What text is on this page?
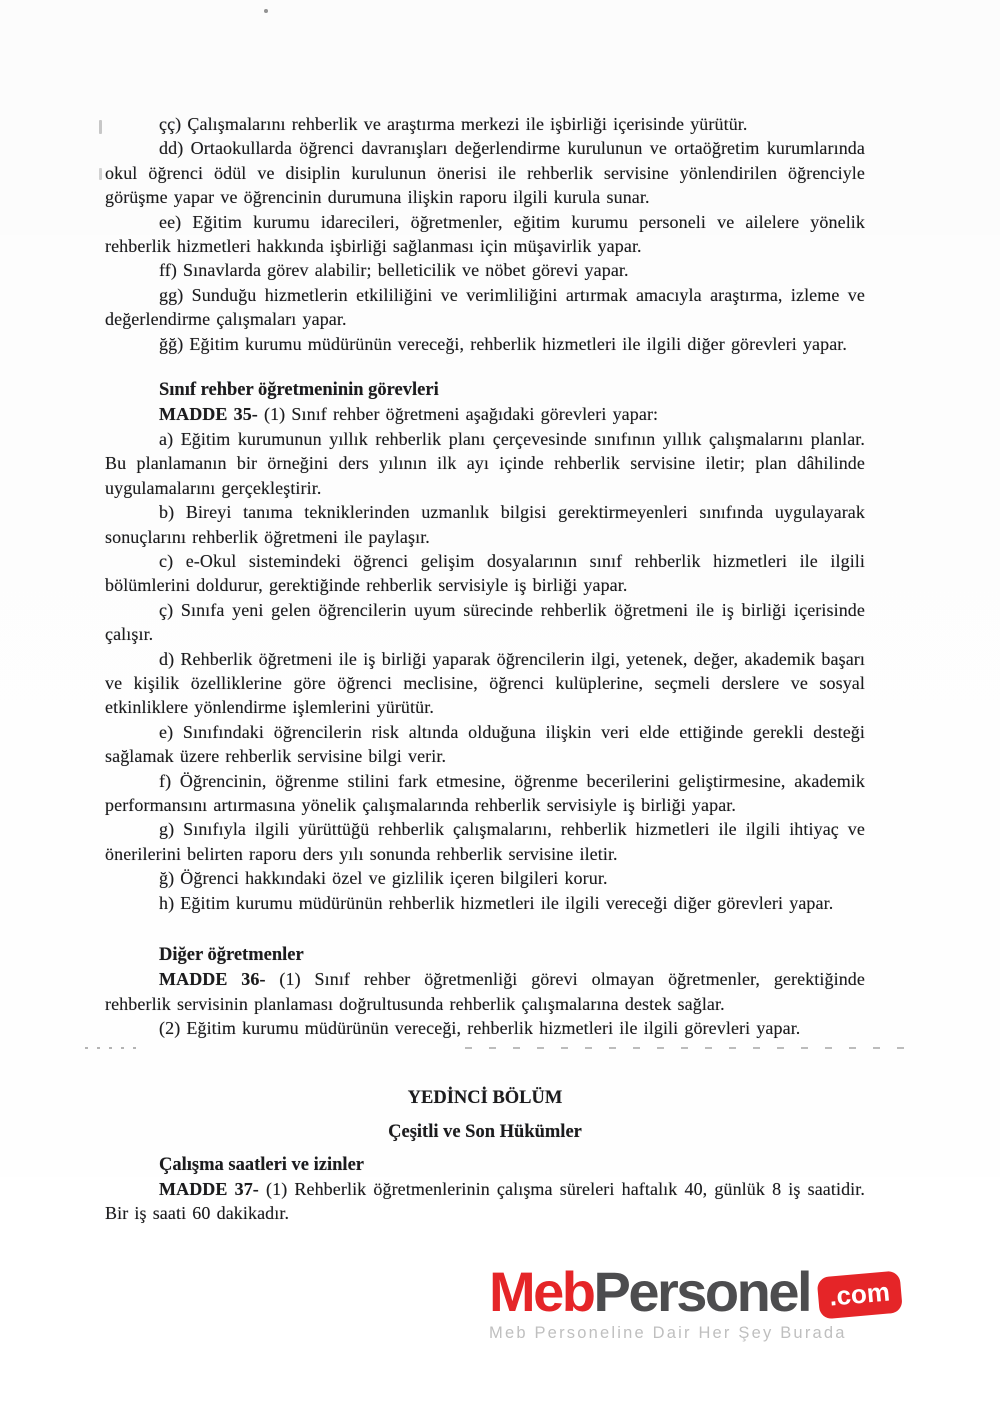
çç) Çalışmalarını rehberlik ve araştırma merkezi ile işbirliği içerisinde yürütür.

dd) Ortaokullarda öğrenci davranışları değerlendirme kurulunun ve ortaöğretim kurumlarında okul öğrenci ödül ve disiplin kurulunun önerisi ile rehberlik servisine yönlendirilen öğrenciyle görüşme yapar ve öğrencinin durumuna ilişkin raporu ilgili kurula sunar.

ee) Eğitim kurumu idarecileri, öğretmenler, eğitim kurumu personeli ve ailelere yönelik rehberlik hizmetleri hakkında işbirliği sağlanması için müşavirlik yapar.

ff) Sınavlarda görev alabilir; belleticilik ve nöbet görevi yapar.

gg) Sunduğu hizmetlerin etkililiğini ve verimliliğini artırmak amacıyla araştırma, izleme ve değerlendirme çalışmaları yapar.

ğğ) Eğitim kurumu müdürünün vereceği, rehberlik hizmetleri ile ilgili diğer görevleri yapar.

Sınıf rehber öğretmeninin görevleri

MADDE 35- (1) Sınıf rehber öğretmeni aşağıdaki görevleri yapar:

a) Eğitim kurumunun yıllık rehberlik planı çerçevesinde sınıfının yıllık çalışmalarını planlar. Bu planlamanın bir örneğini ders yılının ilk ayı içinde rehberlik servisine iletir; plan dâhilinde uygulamalarını gerçekleştirir.

b) Bireyi tanıma tekniklerinden uzmanlık bilgisi gerektirmeyenleri sınıfında uygulayarak sonuçlarını rehberlik öğretmeni ile paylaşır.

c) e-Okul sistemindeki öğrenci gelişim dosyalarının sınıf rehberlik hizmetleri ile ilgili bölümlerini doldurur, gerektiğinde rehberlik servisiyle iş birliği yapar.

ç) Sınıfa yeni gelen öğrencilerin uyum sürecinde rehberlik öğretmeni ile iş birliği içerisinde çalışır.

d) Rehberlik öğretmeni ile iş birliği yaparak öğrencilerin ilgi, yetenek, değer, akademik başarı ve kişilik özelliklerine göre öğrenci meclisine, öğrenci kulüplerine, seçmeli derslere ve sosyal etkinliklere yönlendirme işlemlerini yürütür.

e) Sınıfındaki öğrencilerin risk altında olduğuna ilişkin veri elde ettiğinde gerekli desteği sağlamak üzere rehberlik servisine bilgi verir.

f) Öğrencinin, öğrenme stilini fark etmesine, öğrenme becerilerini geliştirmesine, akademik performansını artırmasına yönelik çalışmalarında rehberlik servisiyle iş birliği yapar.

g) Sınıfıyla ilgili yürüttüğü rehberlik çalışmalarını, rehberlik hizmetleri ile ilgili ihtiyaç ve önerilerini belirten raporu ders yılı sonunda rehberlik servisine iletir.

ğ) Öğrenci hakkındaki özel ve gizlilik içeren bilgileri korur.

h) Eğitim kurumu müdürünün rehberlik hizmetleri ile ilgili vereceği diğer görevleri yapar.

Diğer öğretmenler

MADDE 36- (1) Sınıf rehber öğretmenliği görevi olmayan öğretmenler, gerektiğinde rehberlik servisinin planlaması doğrultusunda rehberlik çalışmalarına destek sağlar.

(2) Eğitim kurumu müdürünün vereceği, rehberlik hizmetleri ile ilgili görevleri yapar.

YEDİNCİ BÖLÜM
Çeşitli ve Son Hükümler
Çalışma saatleri ve izinler

MADDE 37- (1) Rehberlik öğretmenlerinin çalışma süreleri haftalık 40, günlük 8 iş saatidir. Bir iş saati 60 dakikadır.

MebPersonel .com
Meb Personeline Dair Her Şey Burada
